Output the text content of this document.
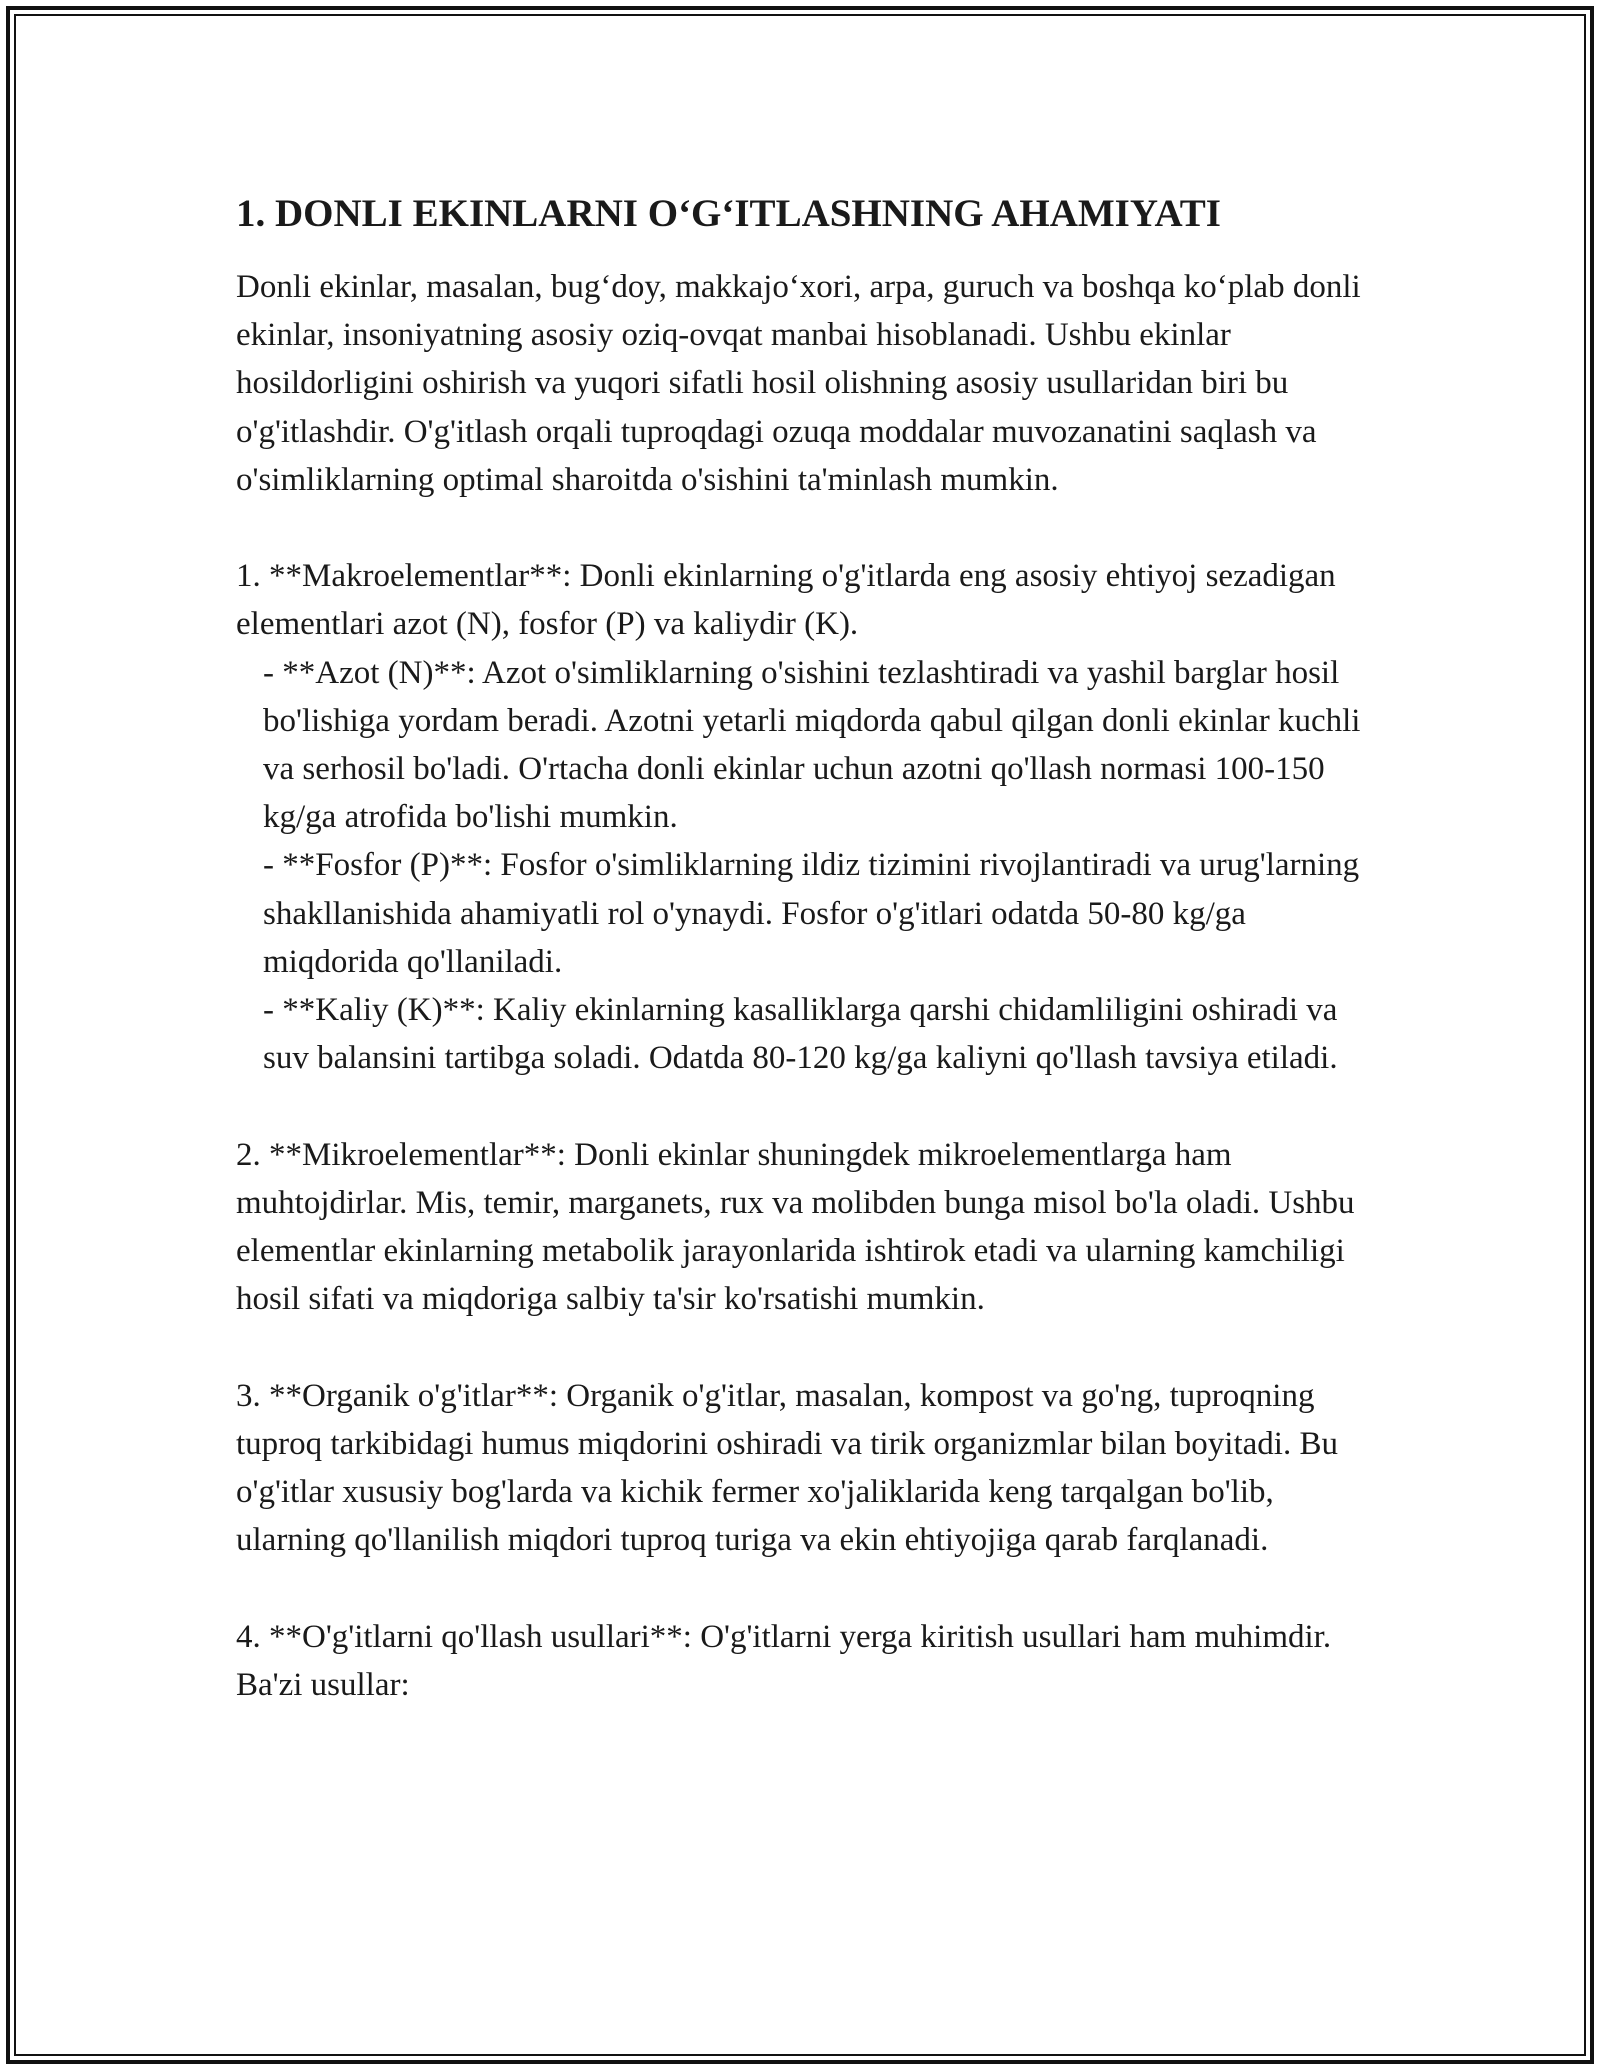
1. DONLI EKINLARNI O‘G‘ITLASHNING AHAMIYATI

Donli ekinlar, masalan, bug‘doy, makkajo‘xori, arpa, guruch va boshqa ko‘plab donli ekinlar, insoniyatning asosiy oziq-ovqat manbai hisoblanadi. Ushbu ekinlar hosildorligini oshirish va yuqori sifatli hosil olishning asosiy usullaridan biri bu o'g'itlashdir. O'g'itlash orqali tuproqdagi ozuqa moddalar muvozanatini saqlash va o'simliklarning optimal sharoitda o'sishini ta'minlash mumkin.

1. **Makroelementlar**: Donli ekinlarning o'g'itlarda eng asosiy ehtiyoj sezadigan elementlari azot (N), fosfor (P) va kaliydir (K).

- **Azot (N)**: Azot o'simliklarning o'sishini tezlashtiradi va yashil barglar hosil bo'lishiga yordam beradi. Azotni yetarli miqdorda qabul qilgan donli ekinlar kuchli va serhosil bo'ladi. O'rtacha donli ekinlar uchun azotni qo'llash normasi 100-150 kg/ga atrofida bo'lishi mumkin.

- **Fosfor (P)**: Fosfor o'simliklarning ildiz tizimini rivojlantiradi va urug'larning shakllanishida ahamiyatli rol o'ynaydi. Fosfor o'g'itlari odatda 50-80 kg/ga miqdorida qo'llaniladi.

- **Kaliy (K)**: Kaliy ekinlarning kasalliklarga qarshi chidamliligini oshiradi va suv balansini tartibga soladi. Odatda 80-120 kg/ga kaliyni qo'llash tavsiya etiladi.

2. **Mikroelementlar**: Donli ekinlar shuningdek mikroelementlarga ham muhtojdirlar. Mis, temir, marganets, rux va molibden bunga misol bo'la oladi. Ushbu elementlar ekinlarning metabolik jarayonlarida ishtirok etadi va ularning kamchiligi hosil sifati va miqdoriga salbiy ta'sir ko'rsatishi mumkin.

3. **Organik o'g'itlar**: Organik o'g'itlar, masalan, kompost va go'ng, tuproqning tuproq tarkibidagi humus miqdorini oshiradi va tirik organizmlar bilan boyitadi. Bu o'g'itlar xususiy bog'larda va kichik fermer xo'jaliklarida keng tarqalgan bo'lib, ularning qo'llanilish miqdori tuproq turiga va ekin ehtiyojiga qarab farqlanadi.

4. **O'g'itlarni qo'llash usullari**: O'g'itlarni yerga kiritish usullari ham muhimdir. Ba'zi usullar:
